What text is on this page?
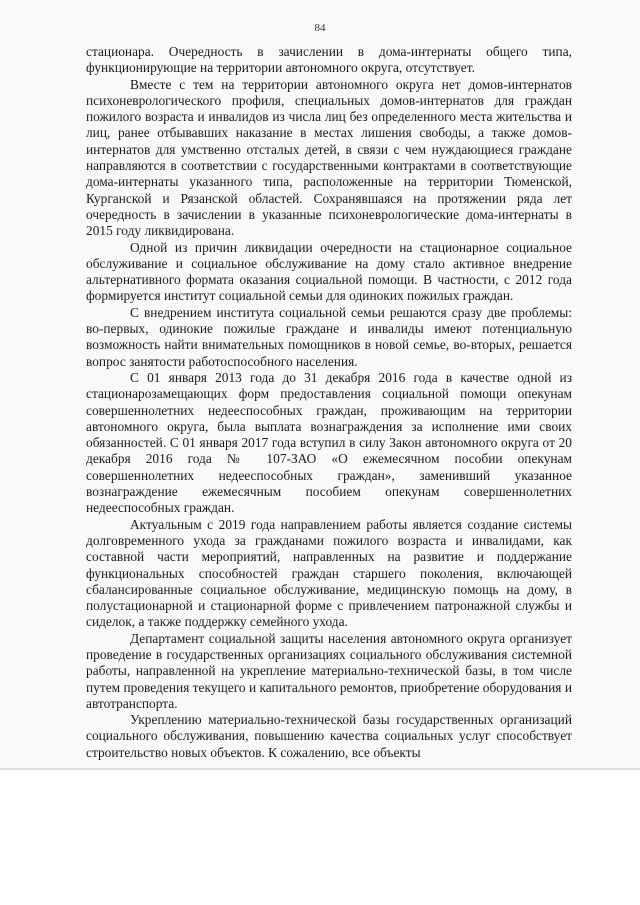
84

стационара. Очередность в зачислении в дома-интернаты общего типа, функционирующие на территории автономного округа, отсутствует.

Вместе с тем на территории автономного округа нет домов-интернатов психоневрологического профиля, специальных домов-интернатов для граждан пожилого возраста и инвалидов из числа лиц без определенного места жительства и лиц, ранее отбывавших наказание в местах лишения свободы, а также домов-интернатов для умственно отсталых детей, в связи с чем нуждающиеся граждане направляются в соответствии с государственными контрактами в соответствующие дома-интернаты указанного типа, расположенные на территории Тюменской, Курганской и Рязанской областей. Сохранявшаяся на протяжении ряда лет очередность в зачислении в указанные психоневрологические дома-интернаты в 2015 году ликвидирована.

Одной из причин ликвидации очередности на стационарное социальное обслуживание и социальное обслуживание на дому стало активное внедрение альтернативного формата оказания социальной помощи. В частности, с 2012 года формируется институт социальной семьи для одиноких пожилых граждан.

С внедрением института социальной семьи решаются сразу две проблемы: во-первых, одинокие пожилые граждане и инвалиды имеют потенциальную возможность найти внимательных помощников в новой семье, во-вторых, решается вопрос занятости работоспособного населения.

С 01 января 2013 года до 31 декабря 2016 года в качестве одной из стационарозамещающих форм предоставления социальной помощи опекунам совершеннолетних недееспособных граждан, проживающим на территории автономного округа, была выплата вознаграждения за исполнение ими своих обязанностей. С 01 января 2017 года вступил в силу Закон автономного округа от 20 декабря 2016 года № 107-ЗАО «О ежемесячном пособии опекунам совершеннолетних недееспособных граждан», заменивший указанное вознаграждение ежемесячным пособием опекунам совершеннолетних недееспособных граждан.

Актуальным с 2019 года направлением работы является создание системы долговременного ухода за гражданами пожилого возраста и инвалидами, как составной части мероприятий, направленных на развитие и поддержание функциональных способностей граждан старшего поколения, включающей сбалансированные социальное обслуживание, медицинскую помощь на дому, в полустационарной и стационарной форме с привлечением патронажной службы и сиделок, а также поддержку семейного ухода.

Департамент социальной защиты населения автономного округа организует проведение в государственных организациях социального обслуживания системной работы, направленной на укрепление материально-технической базы, в том числе путем проведения текущего и капитального ремонтов, приобретение оборудования и автотранспорта.

Укреплению материально-технической базы государственных организаций социального обслуживания, повышению качества социальных услуг способствует строительство новых объектов. К сожалению, все объекты
